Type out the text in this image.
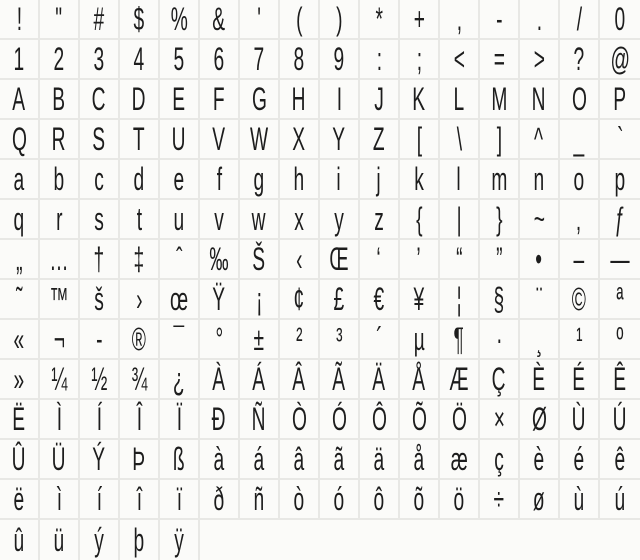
! " # $ % & ' ( ) * + , - . / 0
1 2 3 4 5 6 7 8 9 : ; < = > ? @
A B C D E F G H I J K L M N O P
Q R S T U V W X Y Z [ \ ] ^ _ `
a b c d e f g h i j k l m n o p
q r s t u v w x y z { | } ~ ‚ ƒ
„ … † ‡ ˆ ‰ Š ‹ Œ ‘ ’ “ ” • – —
˜ ™ š › œ Ÿ ¡ ¢ £ € ¥ ¦ § ¨ © ª
« ¬ - ® ¯ ° ± ² ³ ´ µ ¶ · ¸ ¹ º
» ¼ ½ ¾ ¿ À Á Â Ã Ä Å Æ Ç È É Ê
Ë Ì Í Î Ï Ð Ñ Ò Ó Ô Õ Ö × Ø Ù Ú
Û Ü Ý Þ ß à á â ã ä å æ ç è é ê
ë ì í î ï ð ñ ò ó ô õ ö ÷ ø ù ú
û ü ý þ ÿ
